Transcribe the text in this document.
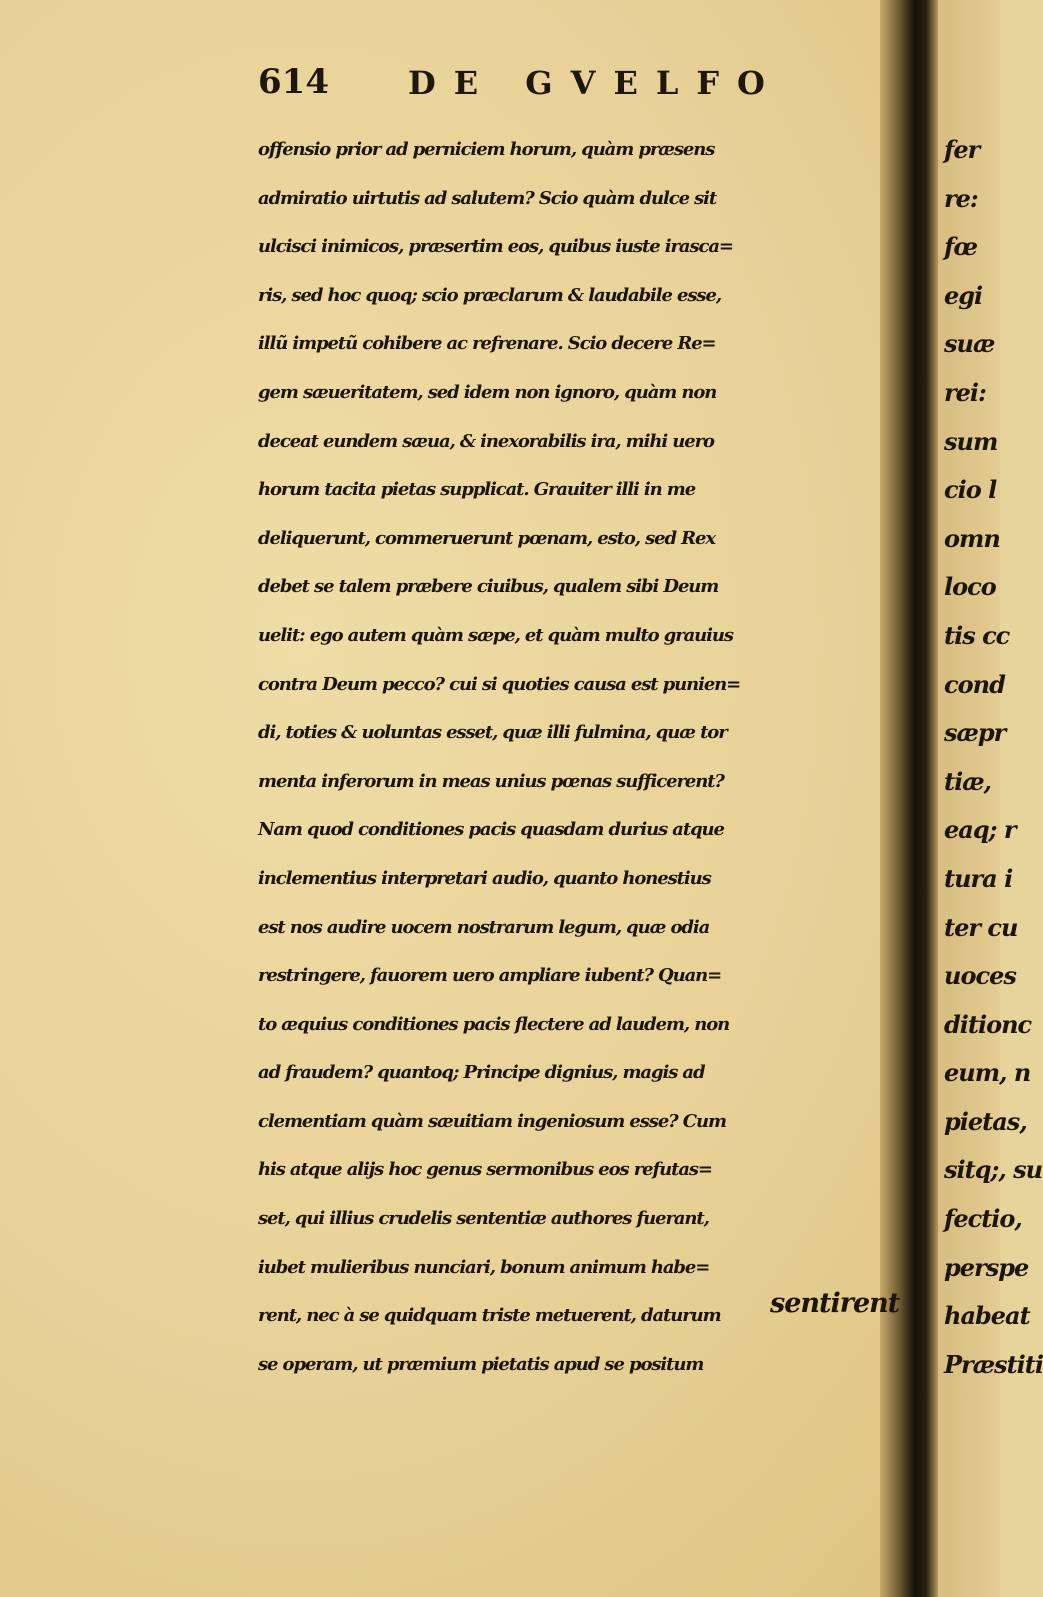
fer
re:
fœ
egi
suæ
rei:
sum
cio l
omn
loco
tis cc
cond
sæpr
tiæ,
eaq; r
tura i
ter cu
uoces
ditionc
eum, n
pietas,
sitq;, su
fectio,
perspe
habeat
Præstiti
614 DE GVELFO
offensio prior ad perniciem horum, quàm præsens
admiratio uirtutis ad salutem? Scio quàm dulce sit
ulcisci inimicos, præsertim eos, quibus iuste irasca=
ris, sed hoc quoq; scio præclarum & laudabile esse,
illũ impetũ cohibere ac refrenare. Scio decere Re=
gem sæueritatem, sed idem non ignoro, quàm non
deceat eundem sæua, & inexorabilis ira, mihi uero
horum tacita pietas supplicat. Grauiter illi in me
deliquerunt, commeruerunt pœnam, esto, sed Rex
debet se talem præbere ciuibus, qualem sibi Deum
uelit: ego autem quàm sæpe, et quàm multo grauius
contra Deum pecco? cui si quoties causa est punien=
di, toties & uoluntas esset, quæ illi fulmina, quæ tor
menta inferorum in meas unius pœnas sufficerent?
Nam quod conditiones pacis quasdam durius atque
inclementius interpretari audio, quanto honestius
est nos audire uocem nostrarum legum, quæ odia
restringere, fauorem uero ampliare iubent? Quan=
to æquius conditiones pacis flectere ad laudem, non
ad fraudem? quantoq; Principe dignius, magis ad
clementiam quàm sæuitiam ingeniosum esse? Cum
his atque alijs hoc genus sermonibus eos refutas=
set, qui illius crudelis sententiæ authores fuerant,
iubet mulieribus nunciari, bonum animum habe=
rent, nec à se quidquam triste metuerent, daturum
se operam, ut præmium pietatis apud se positum
sentirent
